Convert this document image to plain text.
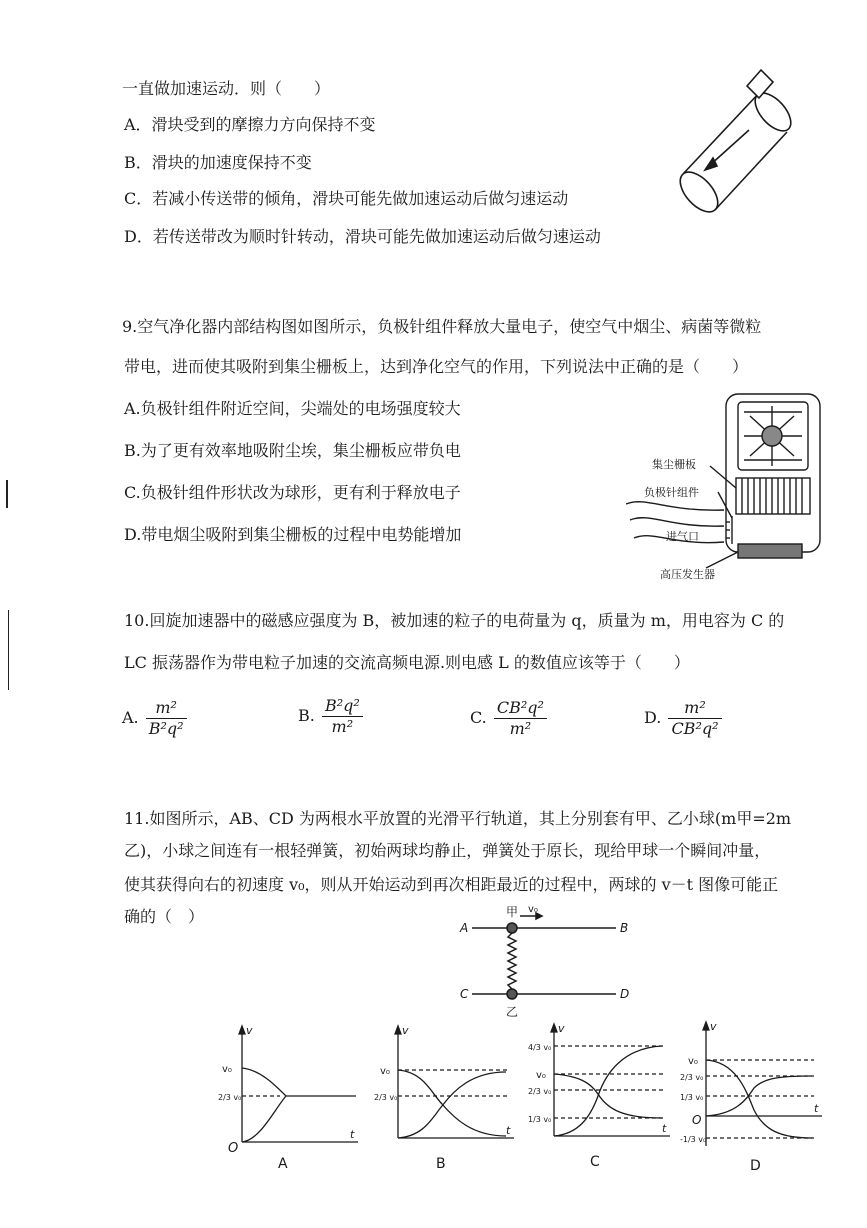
一直做加速运动．则（　　）
A．滑块受到的摩擦力方向保持不变
B．滑块的加速度保持不变
C．若减小传送带的倾角，滑块可能先做加速运动后做匀速运动
D．若传送带改为顺时针转动，滑块可能先做加速运动后做匀速运动
9.空气净化器内部结构图如图所示，负极针组件释放大量电子，使空气中烟尘、病菌等微粒
带电，进而使其吸附到集尘栅板上，达到净化空气的作用，下列说法中正确的是（　　）
A.负极针组件附近空间，尖端处的电场强度较大
B.为了更有效率地吸附尘埃，集尘栅板应带负电
C.负极针组件形状改为球形，更有利于释放电子
D.带电烟尘吸附到集尘栅板的过程中电势能增加
集尘栅板
负极针组件
进气口
高压发生器
10.回旋加速器中的磁感应强度为 B，被加速的粒子的电荷量为 q，质量为 m，用电容为 C 的
LC 振荡器作为带电粒子加速的交流高频电源.则电感 L 的数值应该等于（　　）
A. $\frac{\text{m²}}{\text{B²q²}}$	B. $\frac{\text{B²q²}}{\text{m²}}$	C. $\frac{\text{CB²q²}}{\text{m²}}$	D. $\frac{\text{m²}}{\text{CB²q²}}$
11.如图所示，AB、CD 为两根水平放置的光滑平行轨道，其上分别套有甲、乙小球(m甲=2m
乙)，小球之间连有一根轻弹簧，初始两球均静止，弹簧处于原长，现给甲球一个瞬间冲量，
使其获得向右的初速度 v₀，则从开始运动到再次相距最近的过程中，两球的 v－t 图像可能正
确的（　）
A	B
C	D
甲 v₀
乙
v
t
O
v₀
2/3 v₀
v
t
v₀
2/3 v₀
v
t
4/3 v₀
v₀
2/3 v₀
1/3 v₀
v
t
O
v₀
2/3 v₀
1/3 v₀
-1/3 v₀
A	B	C	D
